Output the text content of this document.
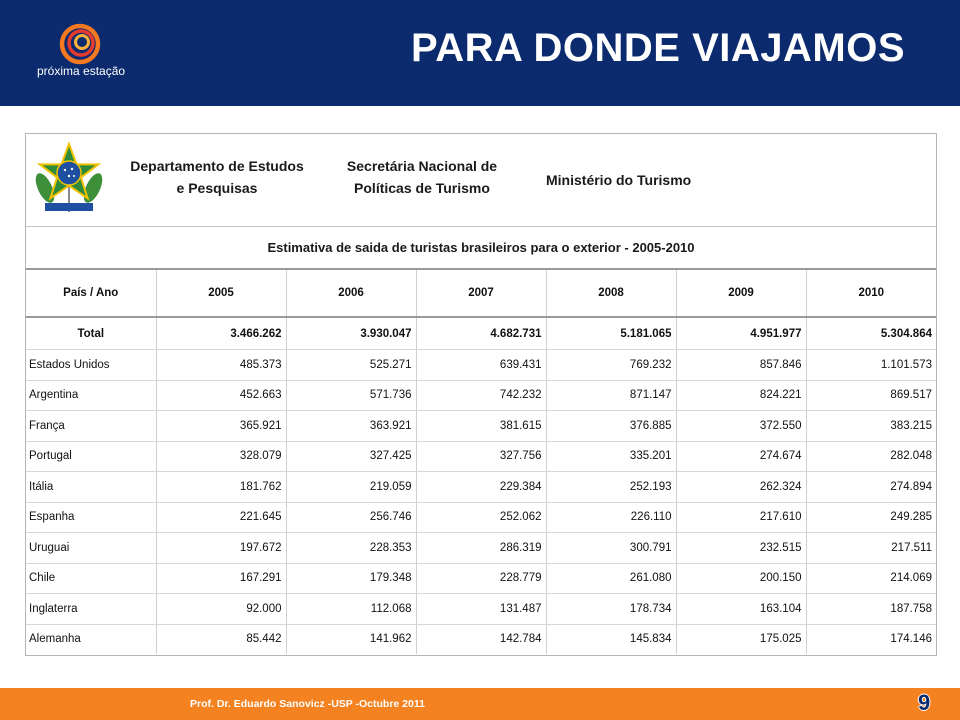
próxima estação
PARA DONDE VIAJAMOS
Departamento de Estudos
e Pesquisas
Secretária Nacional de
Políticas de Turismo	Ministério do Turismo
Estimativa de saida de turistas brasileiros para o exterior - 2005-2010
País / Ano	2005	2006	2007	2008	2009	2010
Total	3.466.262	3.930.047	4.682.731	5.181.065	4.951.977	5.304.864
Estados Unidos	485.373	525.271	639.431	769.232	857.846	1.101.573
Argentina	452.663	571.736	742.232	871.147	824.221	869.517
França	365.921	363.921	381.615	376.885	372.550	383.215
Portugal	328.079	327.425	327.756	335.201	274.674	282.048
Itália	181.762	219.059	229.384	252.193	262.324	274.894
Espanha	221.645	256.746	252.062	226.110	217.610	249.285
Uruguai	197.672	228.353	286.319	300.791	232.515	217.511
Chile	167.291	179.348	228.779	261.080	200.150	214.069
Inglaterra	92.000	112.068	131.487	178.734	163.104	187.758
Alemanha	85.442	141.962	142.784	145.834	175.025	174.146
Prof. Dr. Eduardo Sanovicz -USP -Octubre 2011	9
